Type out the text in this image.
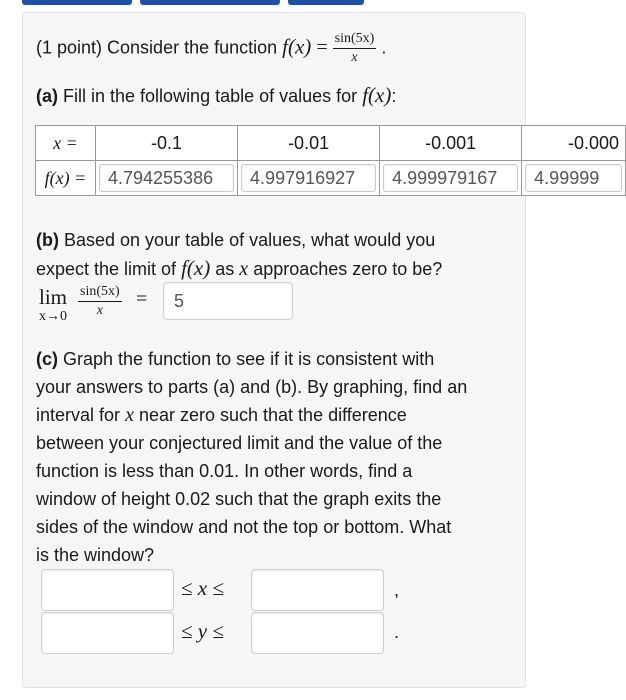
(1 point) Consider the function $f(x) = \frac{\sin(5x)}{x}$ .
(a) Fill in the following table of values for f(x):
x =	-0.1	-0.01	-0.001	-0.000
f(x) =	4.794255386	4.997916927	4.999979167	4.99999
(b) Based on your table of values, what would you
expect the limit of f(x) as x approaches zero to be?
lim
$x\to 0 \frac{\sin(5x)}{x}$ =	5
(c) Graph the function to see if it is consistent with
your answers to parts (a) and (b). By graphing, find an
interval for x near zero such that the difference
between your conjectured limit and the value of the
function is less than 0.01. In other words, find a
window of height 0.02 such that the graph exits the
sides of the window and not the top or bottom. What
is the window?
≤ x ≤	,
≤ y ≤	.
